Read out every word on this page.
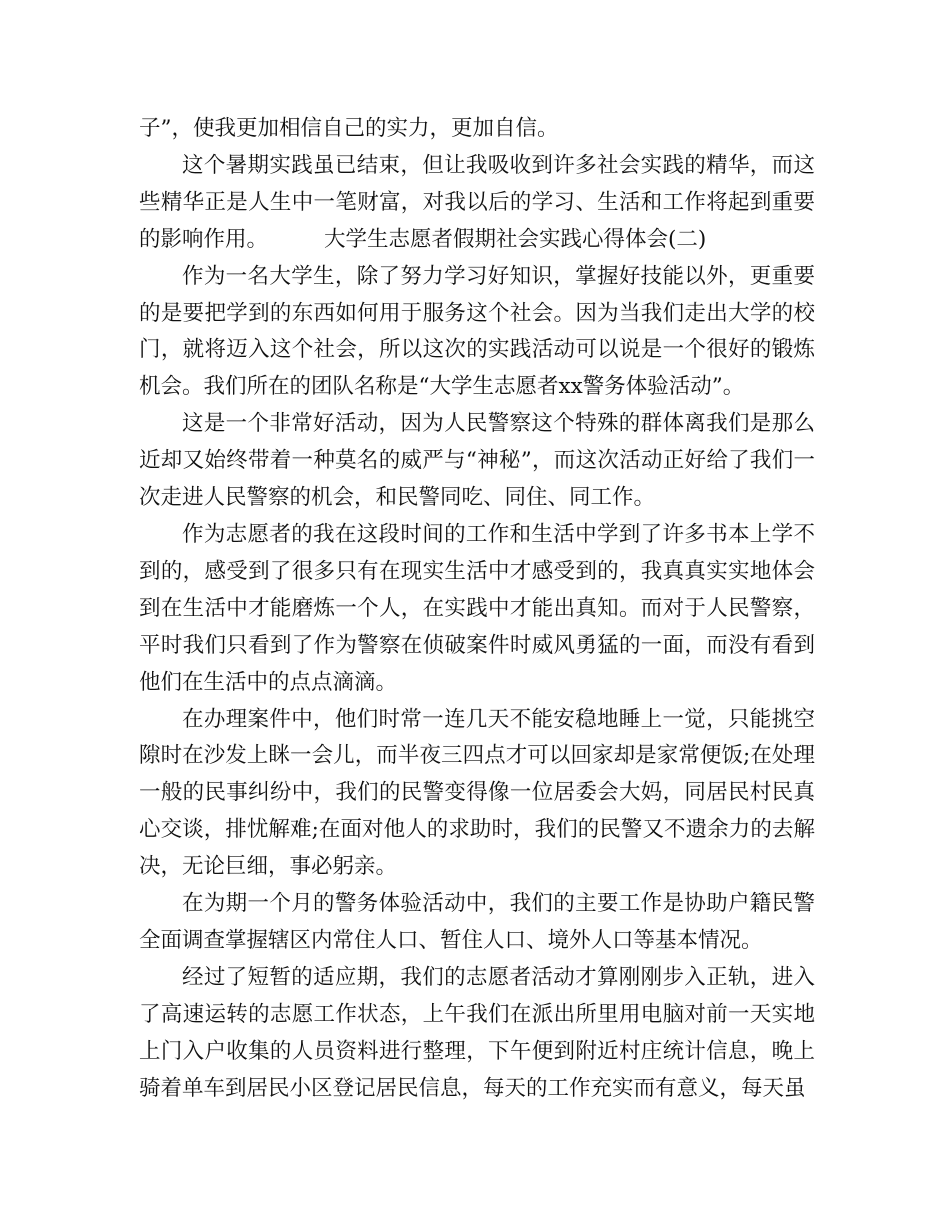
子”，使我更加相信自己的实力，更加自信。

这个暑期实践虽已结束，但让我吸收到许多社会实践的精华，而这些精华正是人生中一笔财富，对我以后的学习、生活和工作将起到重要的影响作用。	大学生志愿者假期社会实践心得体会(二)

作为一名大学生，除了努力学习好知识，掌握好技能以外，更重要的是要把学到的东西如何用于服务这个社会。因为当我们走出大学的校门，就将迈入这个社会，所以这次的实践活动可以说是一个很好的锻炼机会。我们所在的团队名称是“大学生志愿者xx警务体验活动”。

这是一个非常好活动，因为人民警察这个特殊的群体离我们是那么近却又始终带着一种莫名的威严与“神秘”，而这次活动正好给了我们一次走进人民警察的机会，和民警同吃、同住、同工作。

作为志愿者的我在这段时间的工作和生活中学到了许多书本上学不到的，感受到了很多只有在现实生活中才感受到的，我真真实实地体会到在生活中才能磨炼一个人，在实践中才能出真知。而对于人民警察，平时我们只看到了作为警察在侦破案件时威风勇猛的一面，而没有看到他们在生活中的点点滴滴。

在办理案件中，他们时常一连几天不能安稳地睡上一觉，只能挑空隙时在沙发上眯一会儿，而半夜三四点才可以回家却是家常便饭;在处理一般的民事纠纷中，我们的民警变得像一位居委会大妈，同居民村民真心交谈，排忧解难;在面对他人的求助时，我们的民警又不遗余力的去解决，无论巨细，事必躬亲。

在为期一个月的警务体验活动中，我们的主要工作是协助户籍民警全面调查掌握辖区内常住人口、暂住人口、境外人口等基本情况。

经过了短暂的适应期，我们的志愿者活动才算刚刚步入正轨，进入了高速运转的志愿工作状态，上午我们在派出所里用电脑对前一天实地上门入户收集的人员资料进行整理，下午便到附近村庄统计信息，晚上骑着单车到居民小区登记居民信息，每天的工作充实而有意义，每天虽
